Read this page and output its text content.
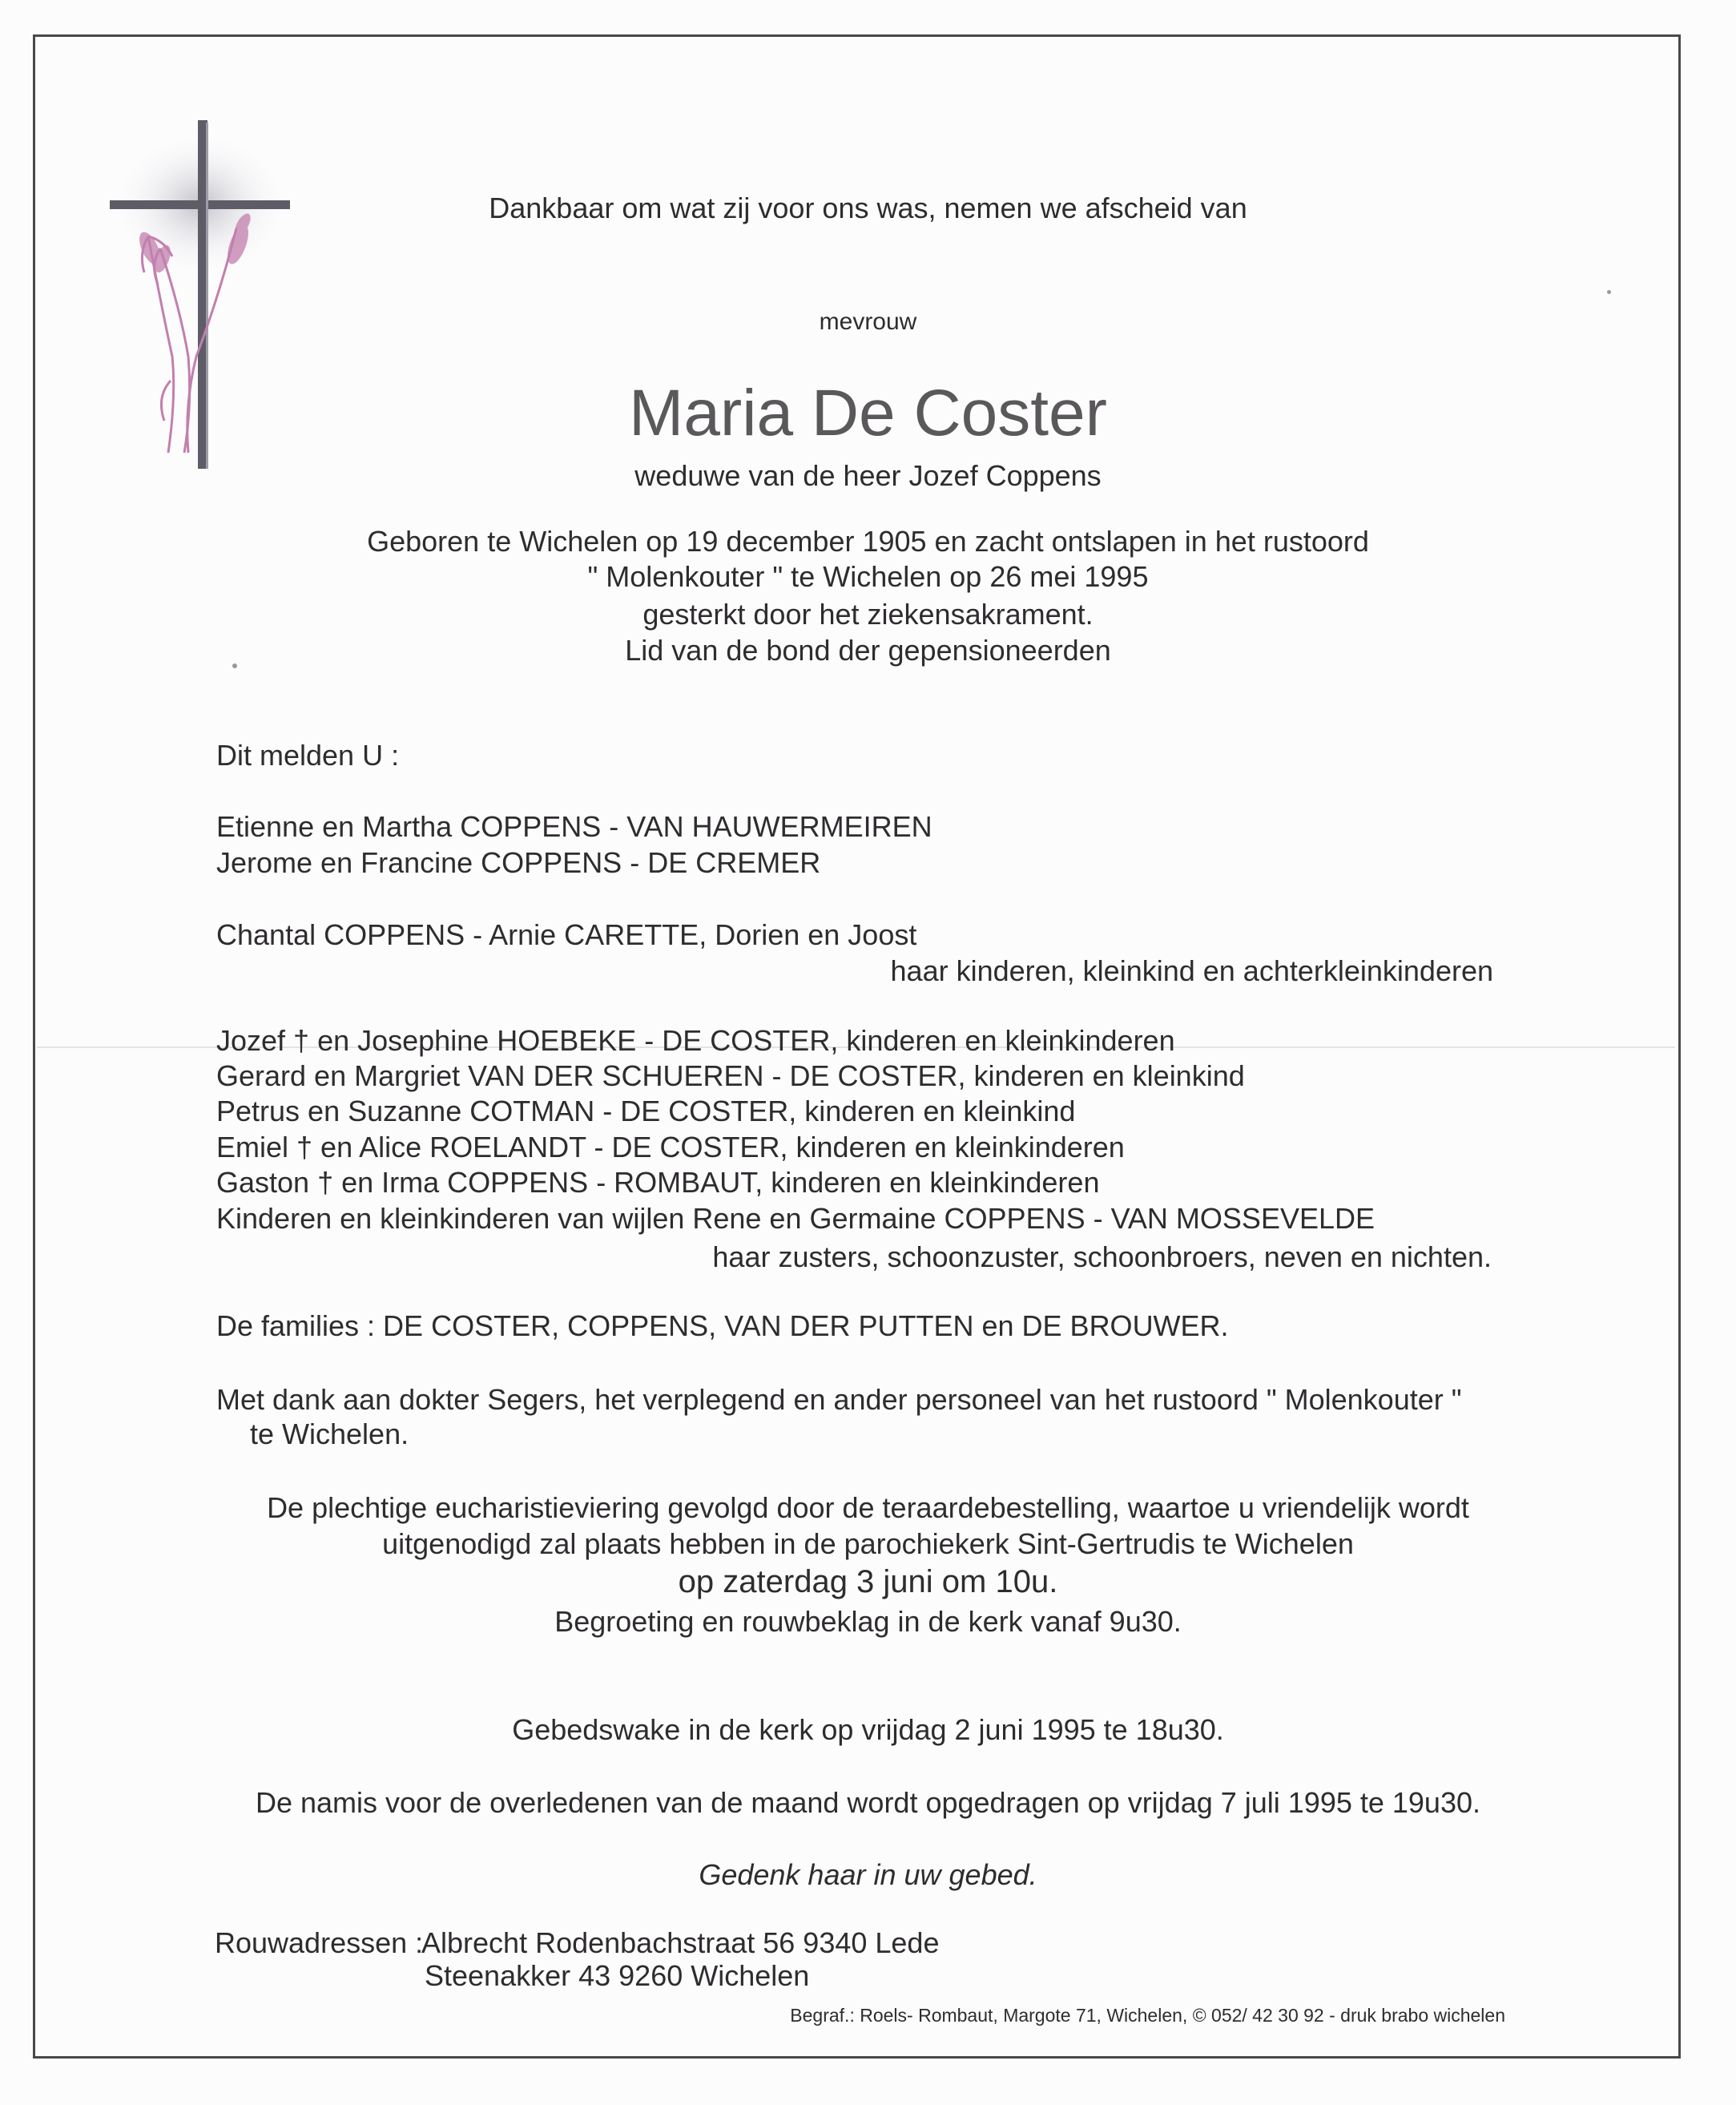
Dankbaar om wat zij voor ons was, nemen we afscheid van
mevrouw
Maria De Coster
weduwe van de heer Jozef Coppens
Geboren te Wichelen op 19 december 1905 en zacht ontslapen in het rustoord
" Molenkouter " te Wichelen op 26 mei 1995
gesterkt door het ziekensakrament.
Lid van de bond der gepensioneerden
Dit melden U :
Etienne en Martha COPPENS - VAN HAUWERMEIREN
Jerome en Francine COPPENS - DE CREMER
Chantal COPPENS - Arnie CARETTE, Dorien en Joost
haar kinderen, kleinkind en achterkleinkinderen
Jozef † en Josephine HOEBEKE - DE COSTER, kinderen en kleinkinderen
Gerard en Margriet VAN DER SCHUEREN - DE COSTER, kinderen en kleinkind
Petrus en Suzanne COTMAN - DE COSTER, kinderen en kleinkind
Emiel † en Alice ROELANDT - DE COSTER, kinderen en kleinkinderen
Gaston † en Irma COPPENS - ROMBAUT, kinderen en kleinkinderen
Kinderen en kleinkinderen van wijlen Rene en Germaine COPPENS - VAN MOSSEVELDE
haar zusters, schoonzuster, schoonbroers, neven en nichten.
De families : DE COSTER, COPPENS, VAN DER PUTTEN en DE BROUWER.
Met dank aan dokter Segers, het verplegend en ander personeel van het rustoord " Molenkouter "
te Wichelen.
De plechtige eucharistieviering gevolgd door de teraardebestelling, waartoe u vriendelijk wordt
uitgenodigd zal plaats hebben in de parochiekerk Sint-Gertrudis te Wichelen
op zaterdag 3 juni om 10u.
Begroeting en rouwbeklag in de kerk vanaf 9u30.
Gebedswake in de kerk op vrijdag 2 juni 1995 te 18u30.
De namis voor de overledenen van de maand wordt opgedragen op vrijdag 7 juli 1995 te 19u30.
Gedenk haar in uw gebed.
Rouwadressen :
Albrecht Rodenbachstraat 56 9340 Lede
Steenakker 43 9260 Wichelen
Begraf.: Roels- Rombaut, Margote 71, Wichelen, © 052/ 42 30 92 - druk brabo wichelen
